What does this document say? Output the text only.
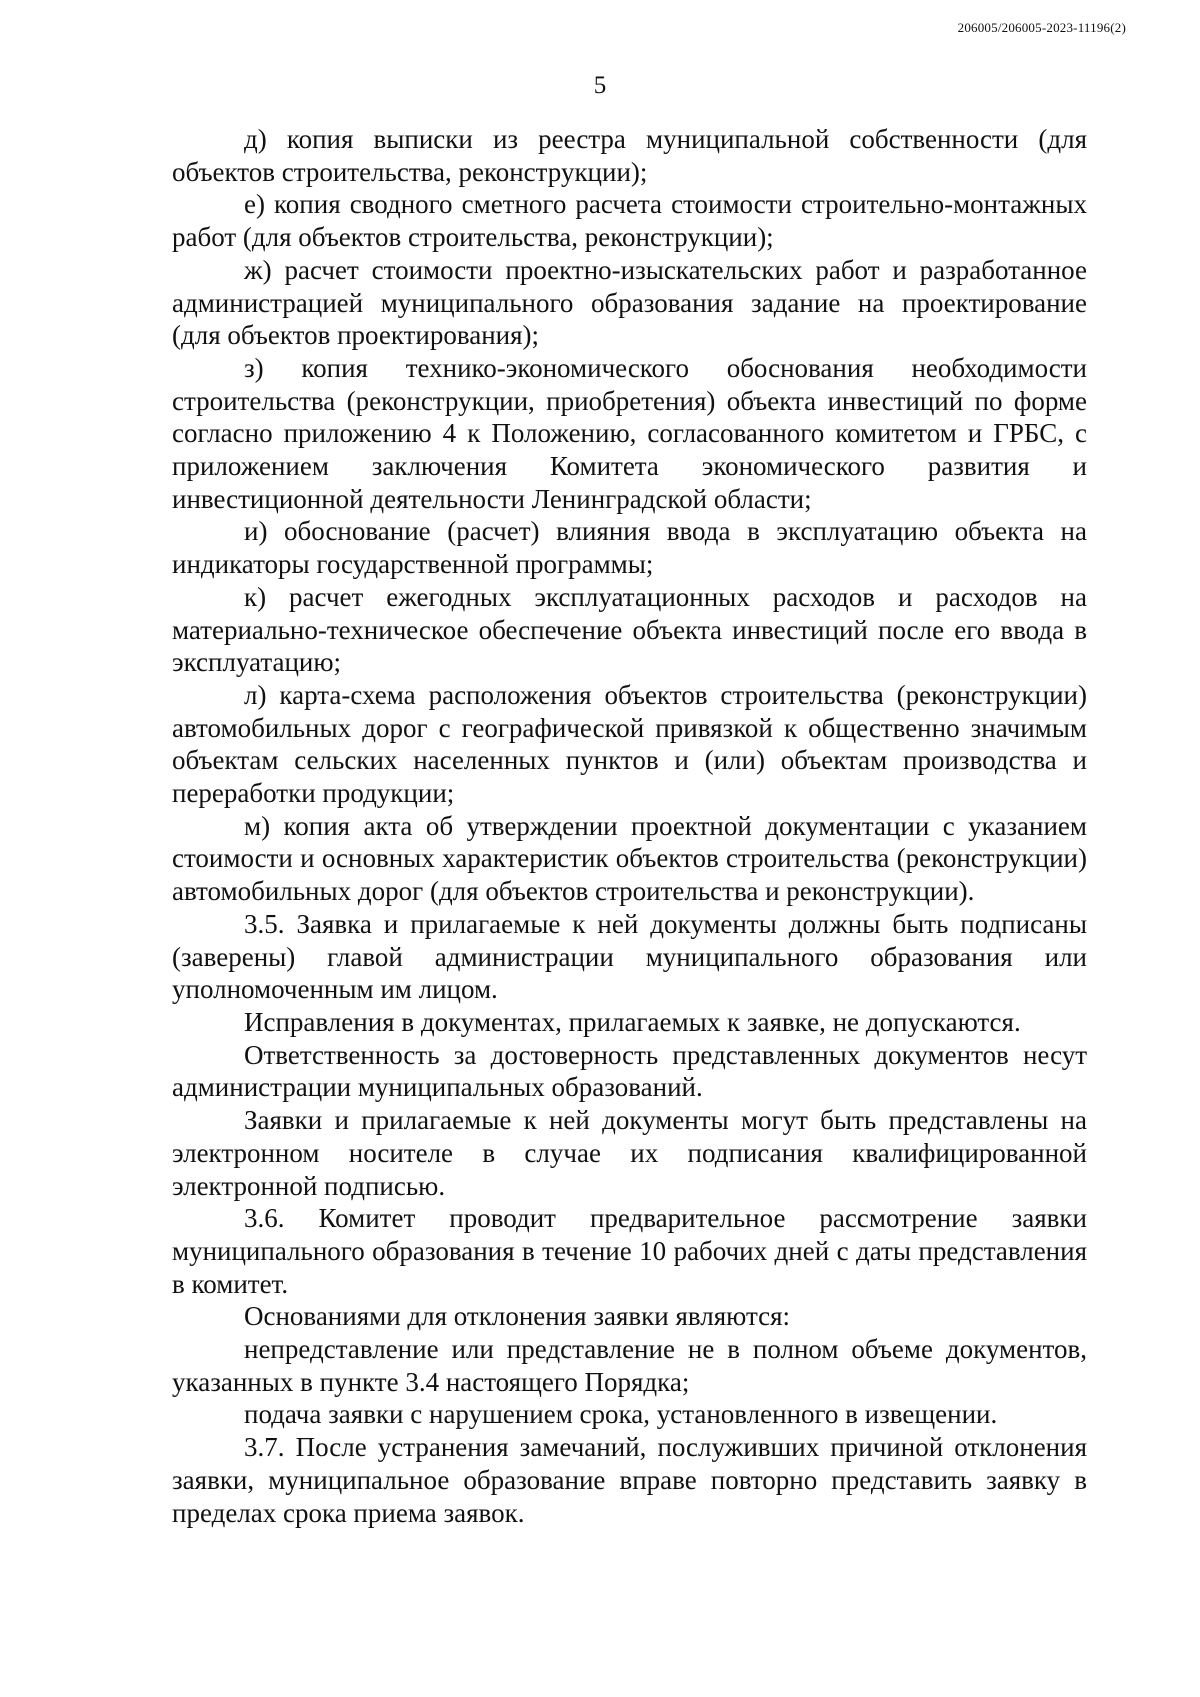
206005/206005-2023-11196(2)
5

д) копия выписки из реестра муниципальной собственности (для объектов строительства, реконструкции);

е) копия сводного сметного расчета стоимости строительно-монтажных работ (для объектов строительства, реконструкции);

ж) расчет стоимости проектно-изыскательских работ и разработанное администрацией муниципального образования задание на проектирование (для объектов проектирования);

з) копия технико-экономического обоснования необходимости строительства (реконструкции, приобретения) объекта инвестиций по форме согласно приложению 4 к Положению, согласованного комитетом и ГРБС, с приложением заключения Комитета экономического развития и инвестиционной деятельности Ленинградской области;

и) обоснование (расчет) влияния ввода в эксплуатацию объекта на индикаторы государственной программы;

к) расчет ежегодных эксплуатационных расходов и расходов на материально-техническое обеспечение объекта инвестиций после его ввода в эксплуатацию;

л) карта-схема расположения объектов строительства (реконструкции) автомобильных дорог с географической привязкой к общественно значимым объектам сельских населенных пунктов и (или) объектам производства и переработки продукции;

м) копия акта об утверждении проектной документации с указанием стоимости и основных характеристик объектов строительства (реконструкции) автомобильных дорог (для объектов строительства и реконструкции).

3.5. Заявка и прилагаемые к ней документы должны быть подписаны (заверены) главой администрации муниципального образования или уполномоченным им лицом.

Исправления в документах, прилагаемых к заявке, не допускаются.

Ответственность за достоверность представленных документов несут администрации муниципальных образований.

Заявки и прилагаемые к ней документы могут быть представлены на электронном носителе в случае их подписания квалифицированной электронной подписью.

3.6. Комитет проводит предварительное рассмотрение заявки муниципального образования в течение 10 рабочих дней с даты представления в комитет.

Основаниями для отклонения заявки являются:

непредставление или представление не в полном объеме документов, указанных в пункте 3.4 настоящего Порядка;

подача заявки с нарушением срока, установленного в извещении.

3.7. После устранения замечаний, послуживших причиной отклонения заявки, муниципальное образование вправе повторно представить заявку в пределах срока приема заявок.
